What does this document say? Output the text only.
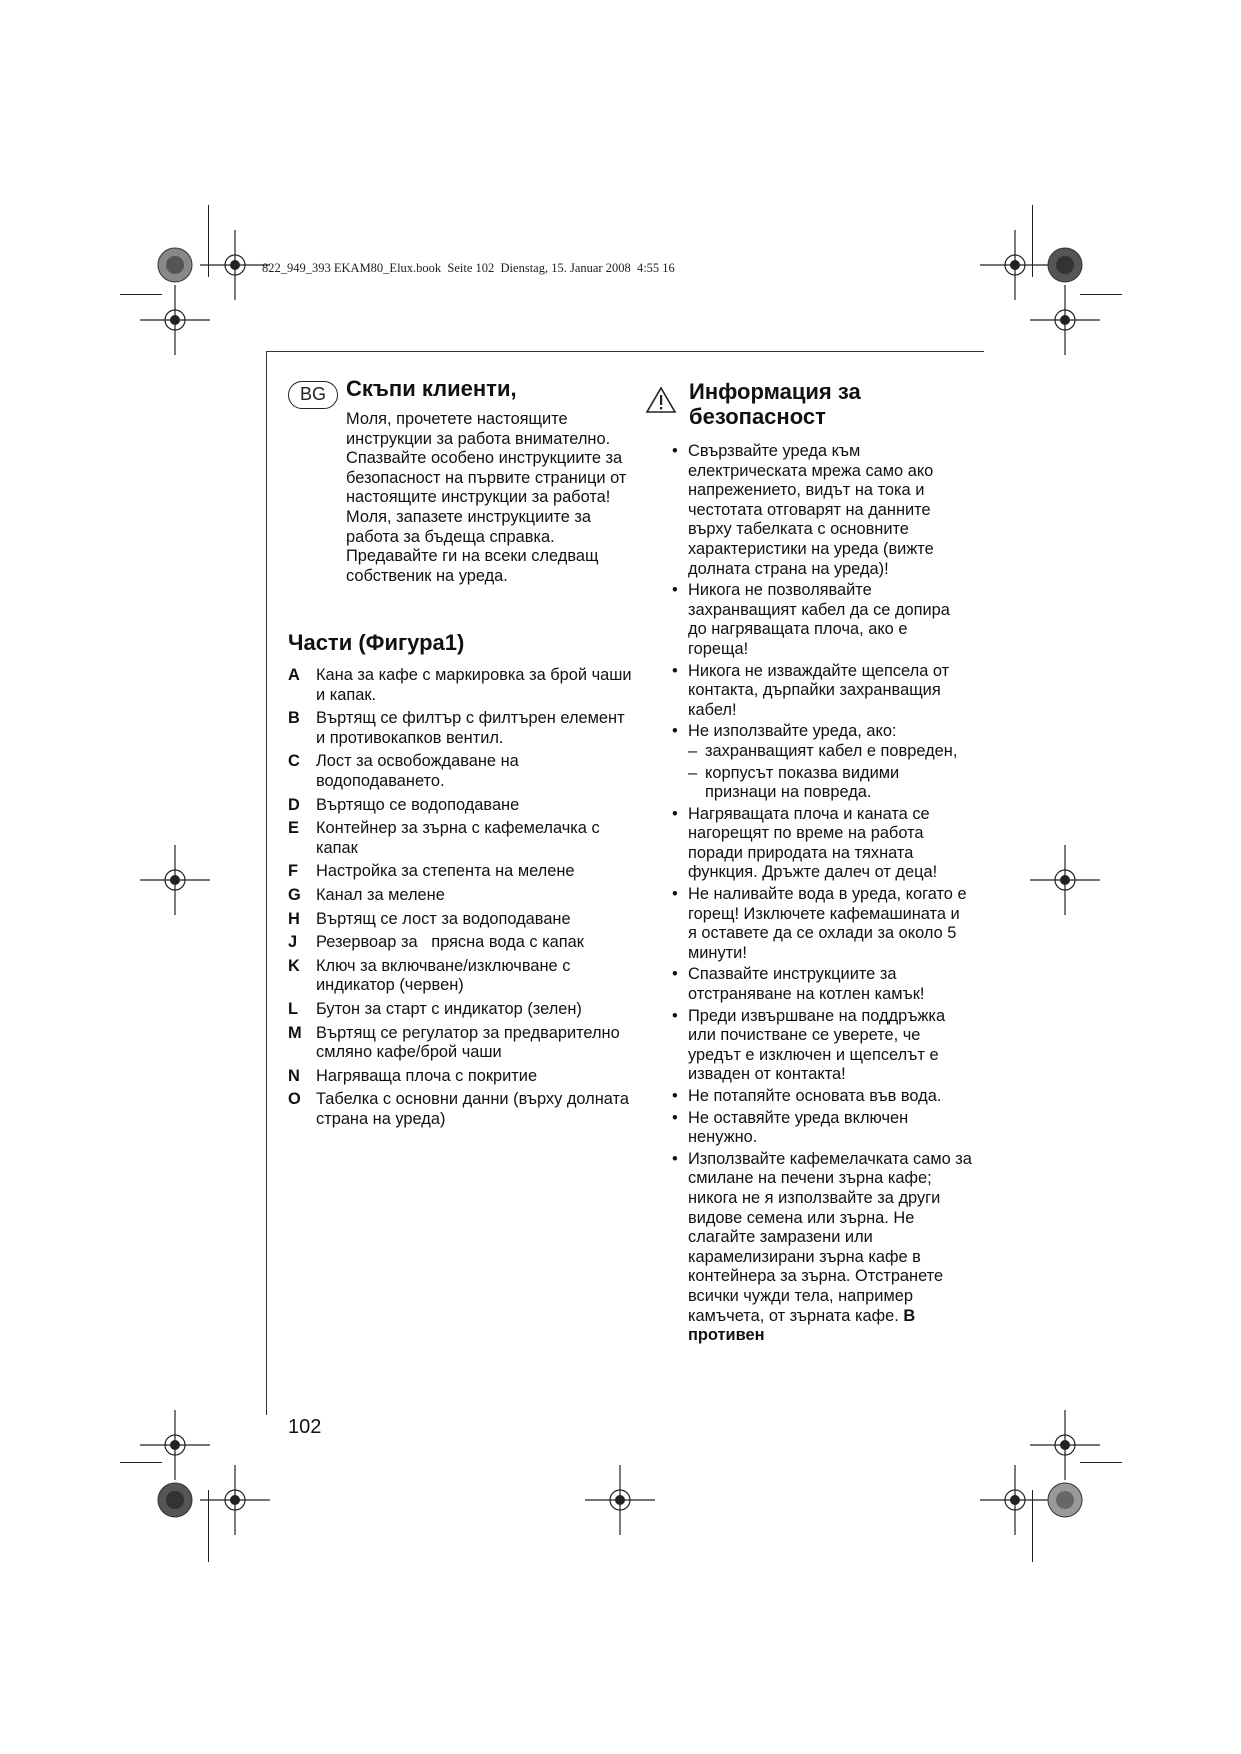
822_949_393 EKAM80_Elux.book  Seite 102  Dienstag, 15. Januar 2008  4:55 16
BG Скъпи клиенти,

Моля, прочетете настоящите инструкции за работа внимателно. Спазвайте особено инструкциите за безопасност на първите страници от настоящите инструкции за работа! Моля, запазете инструкциите за работа за бъдеща справка. Предавайте ги на всеки следващ собственик на уреда.

Части (Фигура1)
A Кана за кафе с маркировка за брой чаши и капак.
B Въртящ се филтър с филтърен елемент и противокапков вентил.
C Лост за освобождаване на водоподаването.
D Въртящо се водоподаване
E Контейнер за зърна с кафемелачка с капак
F Настройка за степента на мелене
G Канал за мелене
H Въртящ се лост за водоподаване
J Резервоар за   прясна вода с капак
K Ключ за включване/изключване с индикатор (червен)
L Бутон за старт с индикатор (зелен)
M Въртящ се регулатор за предварително смляно кафе/брой чаши
N Нагряваща плоча с покритие
O Табелка с основни данни (върху долната страна на уреда)
Информация за безопасност
• Свързвайте уреда към електрическата мрежа само ако напрежението, видът на тока и честотата отговарят на данните върху табелката с основните характеристики на уреда (вижте долната страна на уреда)!
• Никога не позволявайте захранващият кабел да се допира до нагряващата плоча, ако е гореща!
• Никога не изваждайте щепсела от контакта, дърпайки захранващия кабел!
• Не използвайте уреда, ако:
– захранващият кабел е повреден,
– корпусът показва видими признаци на повреда.
• Нагряващата плоча и каната се нагорещят по време на работа поради природата на тяхната функция. Дръжте далеч от деца!
• Не наливайте вода в уреда, когато е горещ! Изключете кафемашината и я оставете да се охлади за около 5 минути!
• Спазвайте инструкциите за отстраняване на котлен камък!
• Преди извършване на поддръжка или почистване се уверете, че уредът е изключен и щепселът е изваден от контакта!
• Не потапяйте основата във вода.
• Не оставяйте уреда включен ненужно.
• Използвайте кафемелачката само за смилане на печени зърна кафе; никога не я използвайте за други видове семена или зърна. Не слагайте замразени или карамелизирани зърна кафе в контейнера за зърна. Отстранете всички чужди тела, например камъчета, от зърната кафе. В противен

102
